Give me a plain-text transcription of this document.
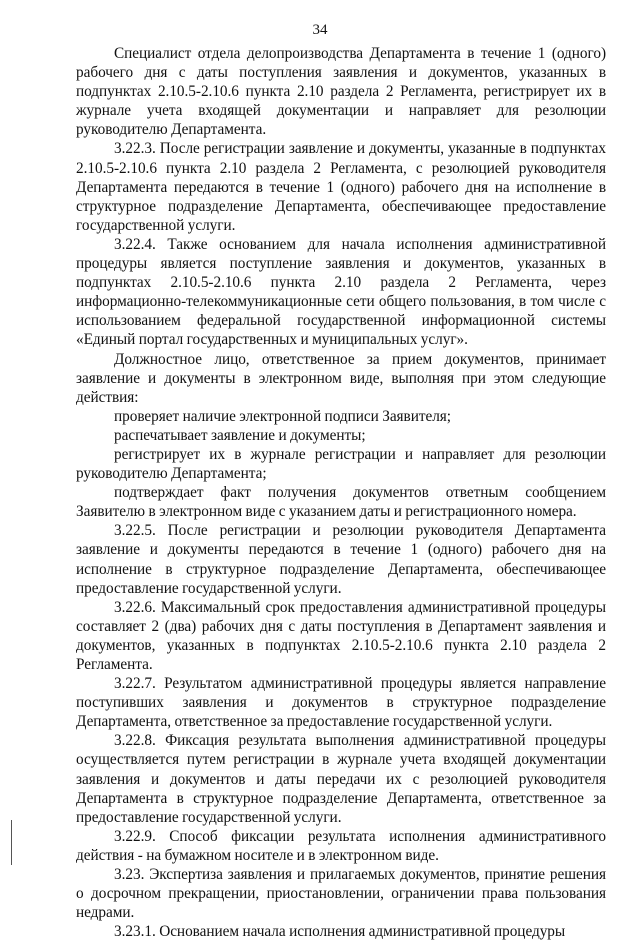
34

Специалист отдела делопроизводства Департамента в течение 1 (одного) рабочего дня с даты поступления заявления и документов, указанных в подпунктах 2.10.5-2.10.6 пункта 2.10 раздела 2 Регламента, регистрирует их в журнале учета входящей документации и направляет для резолюции руководителю Департамента.

3.22.3. После регистрации заявление и документы, указанные в подпунктах 2.10.5-2.10.6 пункта 2.10 раздела 2 Регламента, с резолюцией руководителя Департамента передаются в течение 1 (одного) рабочего дня на исполнение в структурное подразделение Департамента, обеспечивающее предоставление государственной услуги.

3.22.4. Также основанием для начала исполнения административной процедуры является поступление заявления и документов, указанных в подпунктах 2.10.5-2.10.6 пункта 2.10 раздела 2 Регламента, через информационно-телекоммуникационные сети общего пользования, в том числе с использованием федеральной государственной информационной системы «Единый портал государственных и муниципальных услуг».

Должностное лицо, ответственное за прием документов, принимает заявление и документы в электронном виде, выполняя при этом следующие действия:

проверяет наличие электронной подписи Заявителя;

распечатывает заявление и документы;

регистрирует их в журнале регистрации и направляет для резолюции руководителю Департамента;

подтверждает факт получения документов ответным сообщением Заявителю в электронном виде с указанием даты и регистрационного номера.

3.22.5. После регистрации и резолюции руководителя Департамента заявление и документы передаются в течение 1 (одного) рабочего дня на исполнение в структурное подразделение Департамента, обеспечивающее предоставление государственной услуги.

3.22.6. Максимальный срок предоставления административной процедуры составляет 2 (два) рабочих дня с даты поступления в Департамент заявления и документов, указанных в подпунктах 2.10.5-2.10.6 пункта 2.10 раздела 2 Регламента.

3.22.7. Результатом административной процедуры является направление поступивших заявления и документов в структурное подразделение Департамента, ответственное за предоставление государственной услуги.

3.22.8. Фиксация результата выполнения административной процедуры осуществляется путем регистрации в журнале учета входящей документации заявления и документов и даты передачи их с резолюцией руководителя Департамента в структурное подразделение Департамента, ответственное за предоставление государственной услуги.

3.22.9. Способ фиксации результата исполнения административного действия - на бумажном носителе и в электронном виде.

3.23. Экспертиза заявления и прилагаемых документов, принятие решения о досрочном прекращении, приостановлении, ограничении права пользования недрами.

3.23.1. Основанием начала исполнения административной процедуры
